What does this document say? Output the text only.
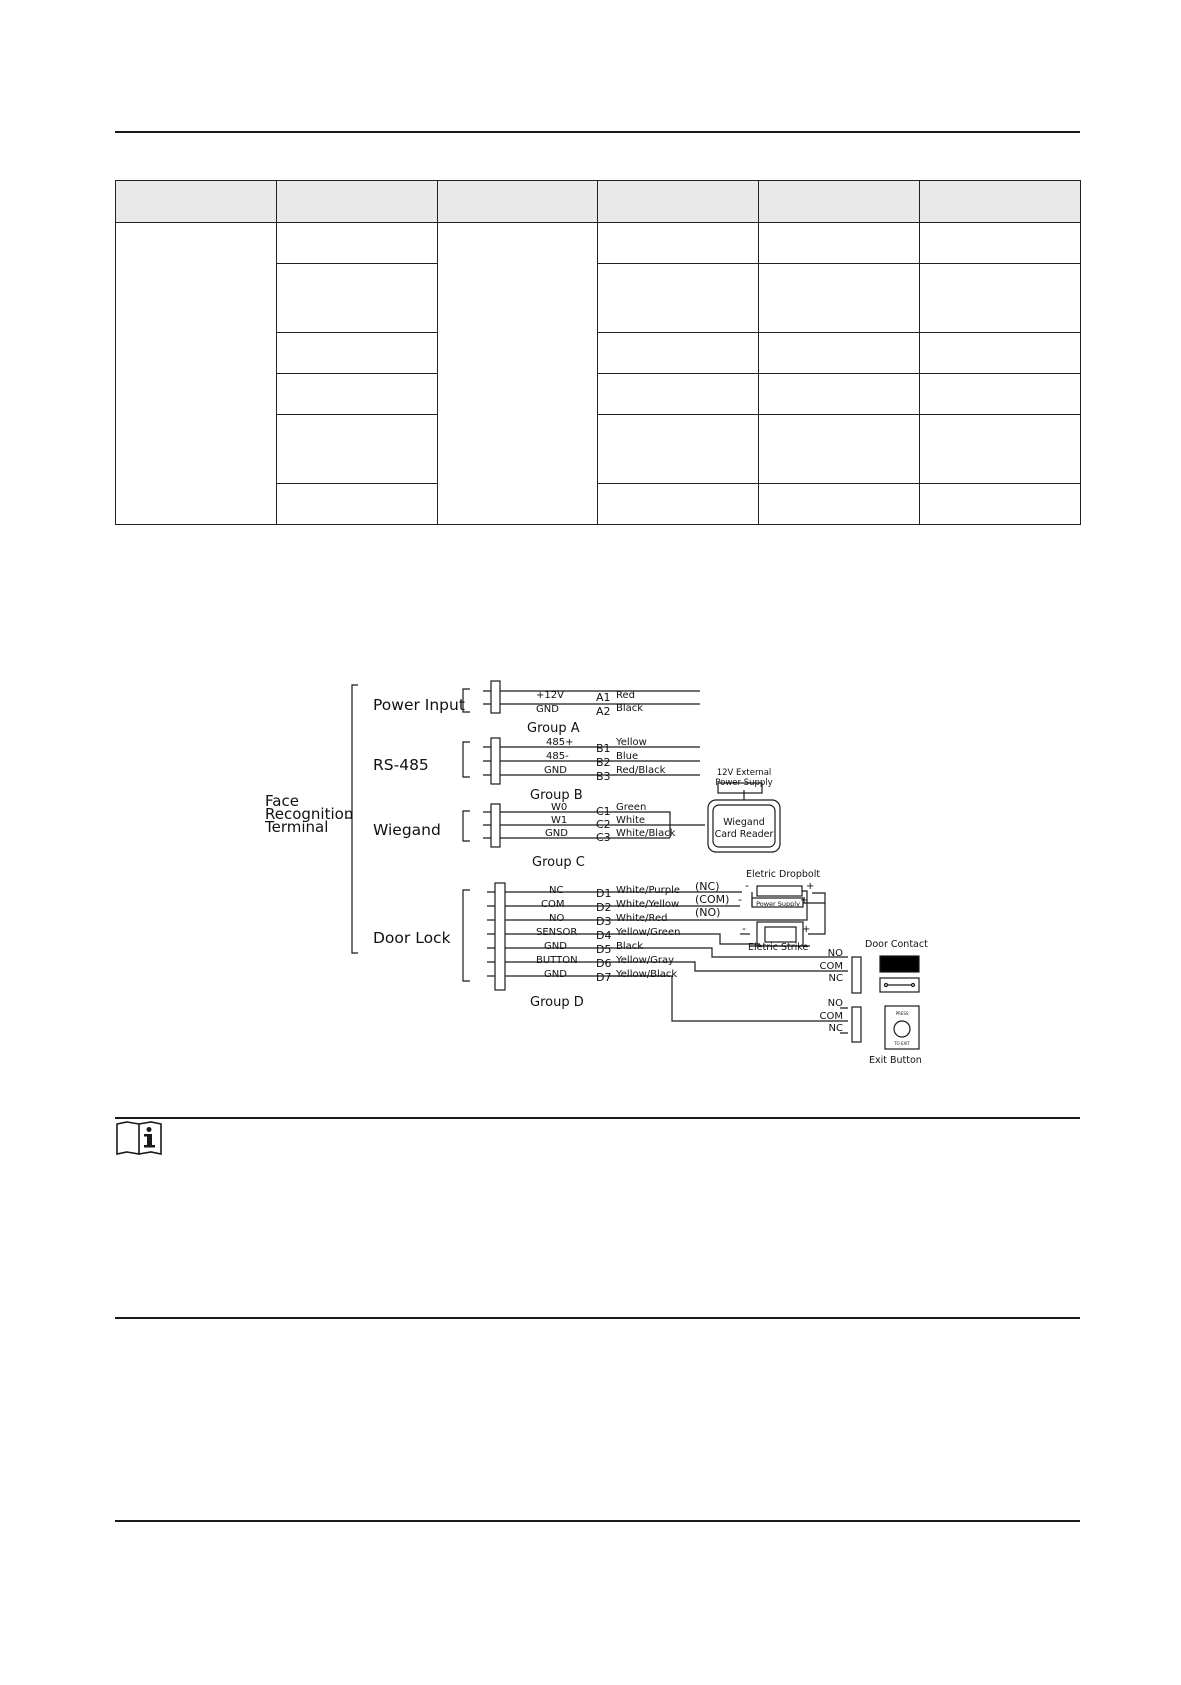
Face
Recognition
Terminal
Power Input
RS-485
Wiegand
Door Lock
Group A
Group B
Group C
Group D
+12V
GND
A1
A2
Red
Black
485+
485-
GND
B1
B2
B3
Yellow
Blue
Red/Black
W0
W1
GND
C1
C2
C3
Green
White
White/Black
12V External
Power Supply
Wiegand
Card Reader
NC
COM
NO
SENSOR
GND
BUTTON
GND
D1
D2
D3
D4
D5
D6
D7
White/Purple
White/Yellow
White/Red
Yellow/Green
Black
Yellow/Gray
Yellow/Black
(NC)
(COM)
(NO)
Eletric Dropbolt
Power Supply
Eletric Strike
-	+
-	+
-	+
Door Contact
NO
COM
NC
NO
COM
NC
PRESS
TO EXIT
Exit Button
